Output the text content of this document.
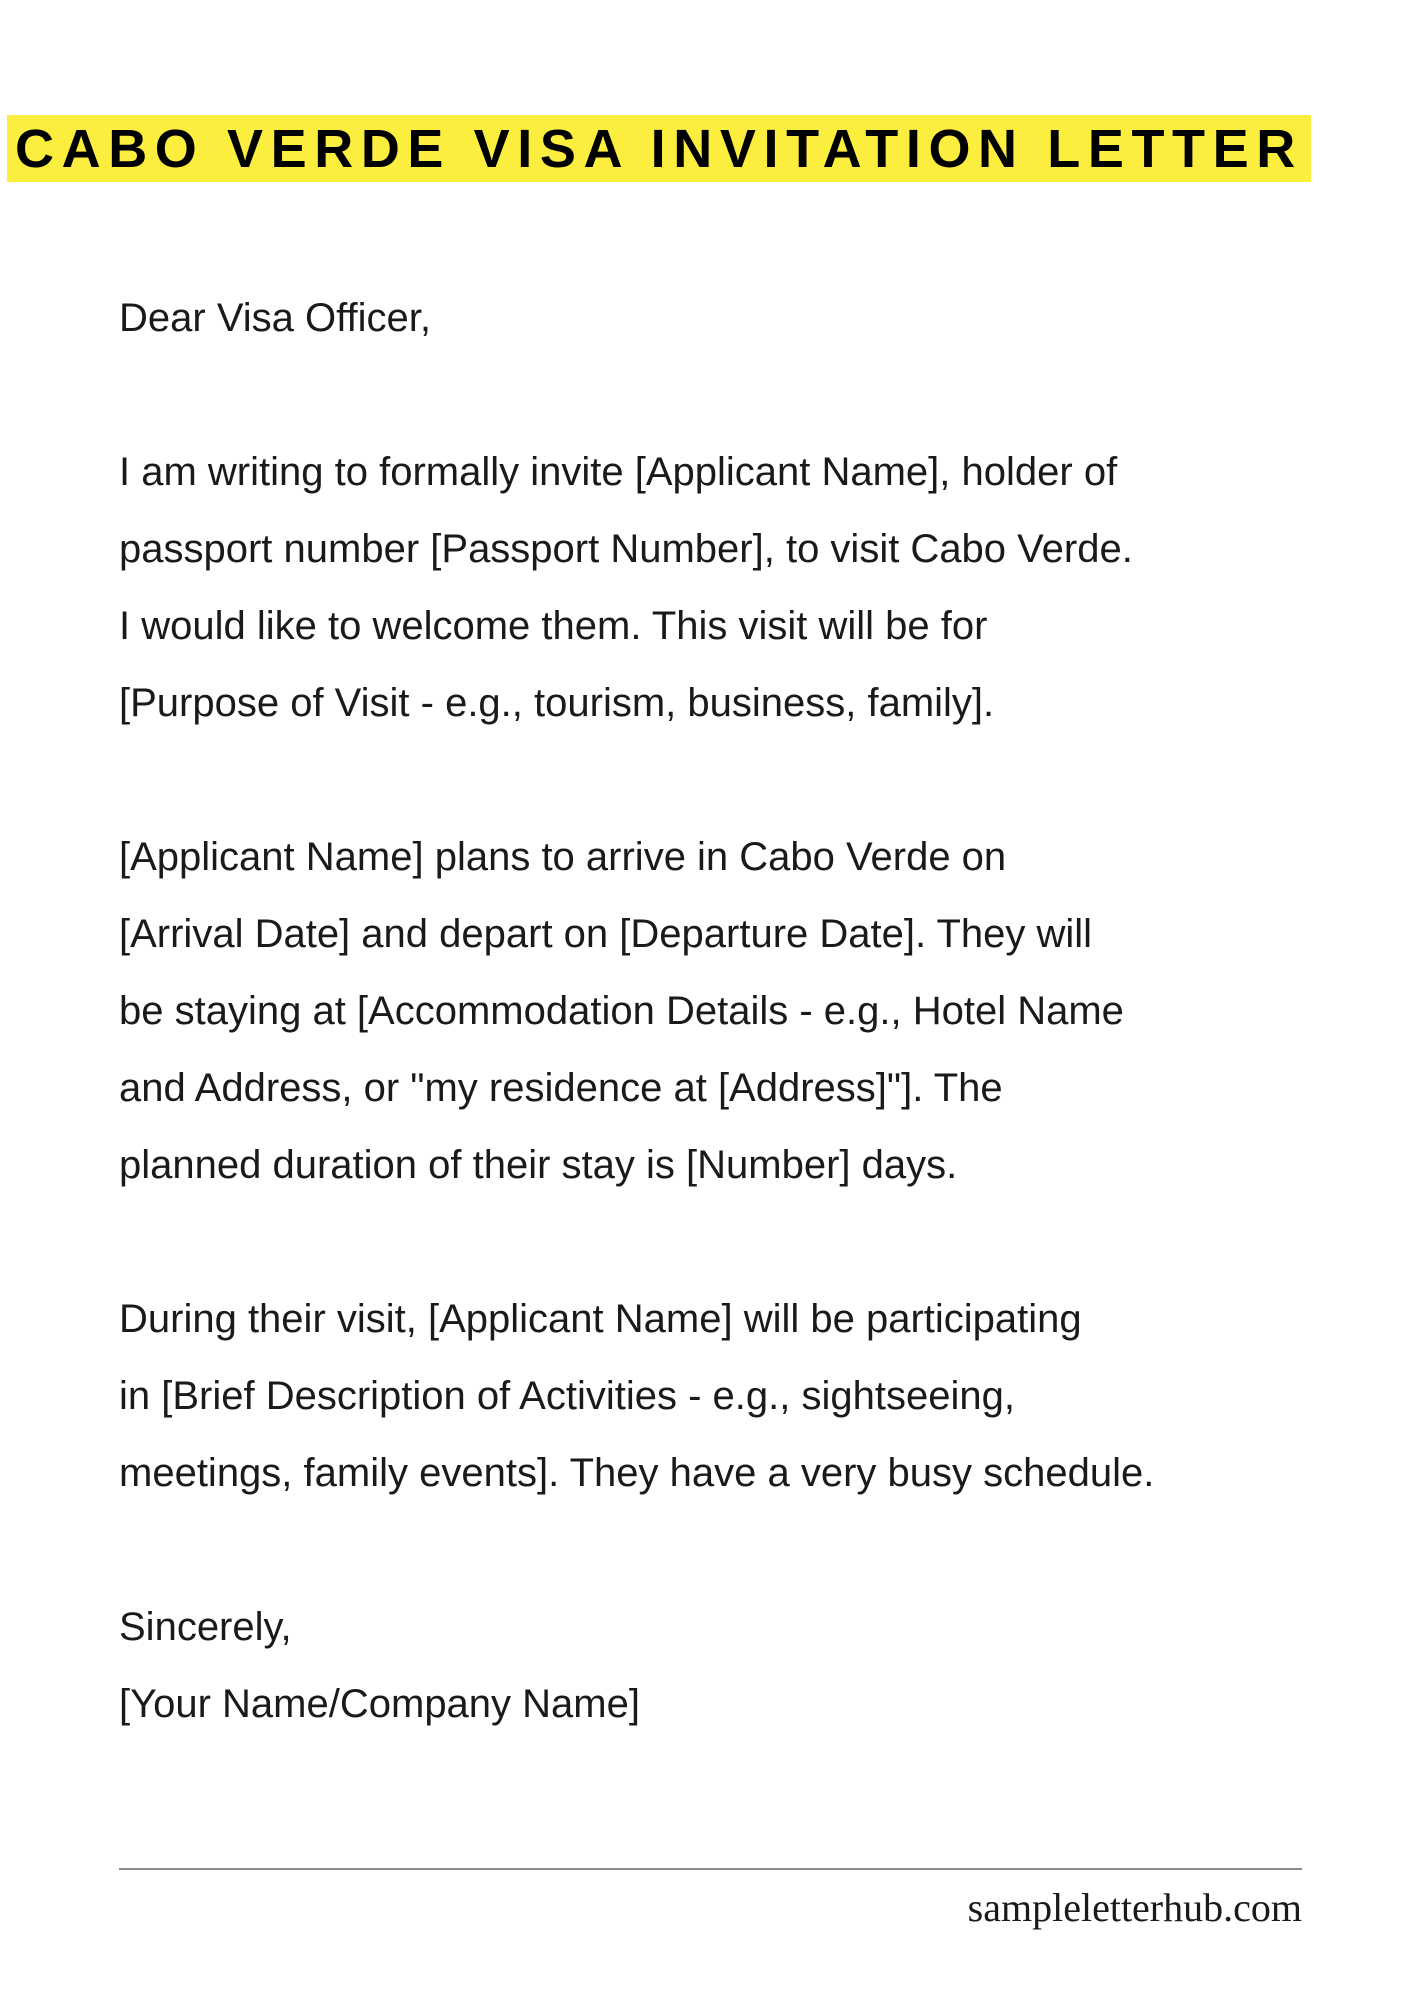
CABO VERDE VISA INVITATION LETTER

Dear Visa Officer,

I am writing to formally invite [Applicant Name], holder of
passport number [Passport Number], to visit Cabo Verde.
I would like to welcome them. This visit will be for
[Purpose of Visit - e.g., tourism, business, family].

[Applicant Name] plans to arrive in Cabo Verde on
[Arrival Date] and depart on [Departure Date]. They will
be staying at [Accommodation Details - e.g., Hotel Name
and Address, or "my residence at [Address]"]. The
planned duration of their stay is [Number] days.

During their visit, [Applicant Name] will be participating
in [Brief Description of Activities - e.g., sightseeing,
meetings, family events]. They have a very busy schedule.

Sincerely,
[Your Name/Company Name]

sampleletterhub.com
